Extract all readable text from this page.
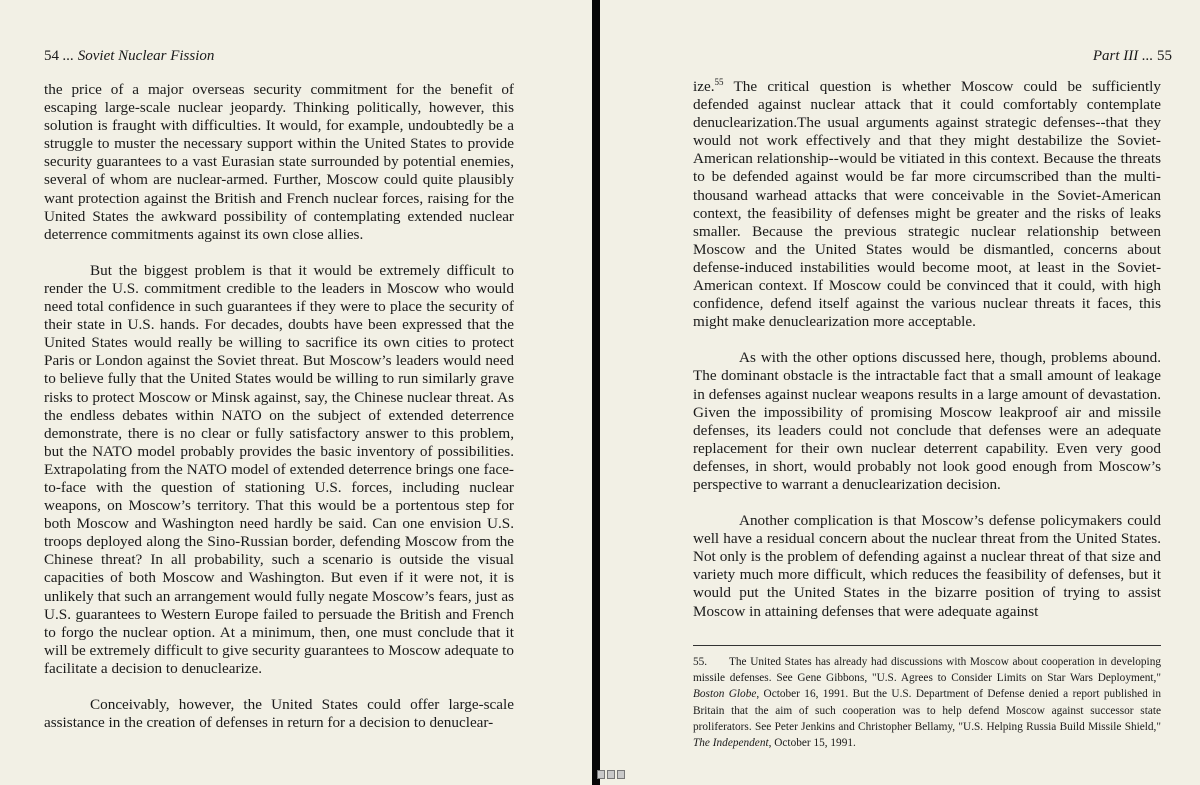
54 ... Soviet Nuclear Fission

the price of a major overseas security commitment for the benefit of escaping large-scale nuclear jeopardy. Thinking politically, however, this solution is fraught with difficulties. It would, for example, undoubtedly be a struggle to muster the necessary support within the United States to provide security guarantees to a vast Eurasian state surrounded by potential enemies, several of whom are nuclear-armed. Further, Moscow could quite plausibly want protection against the British and French nuclear forces, raising for the United States the awkward possibility of contemplating extended nuclear deterrence commitments against its own close allies.

But the biggest problem is that it would be extremely difficult to render the U.S. commitment credible to the leaders in Moscow who would need total confidence in such guarantees if they were to place the security of their state in U.S. hands. For decades, doubts have been expressed that the United States would really be willing to sacrifice its own cities to protect Paris or London against the Soviet threat. But Moscow’s leaders would need to believe fully that the United States would be willing to run similarly grave risks to protect Moscow or Minsk against, say, the Chinese nuclear threat. As the endless debates within NATO on the subject of extended deterrence demonstrate, there is no clear or fully satisfactory answer to this problem, but the NATO model probably provides the basic inventory of possibilities. Extrapolating from the NATO model of extended deterrence brings one face-to-face with the question of stationing U.S. forces, including nuclear weapons, on Moscow’s territory. That this would be a portentous step for both Moscow and Washington need hardly be said. Can one envision U.S. troops deployed along the Sino-Russian border, defending Moscow from the Chinese threat? In all probability, such a scenario is outside the visual capacities of both Moscow and Washington. But even if it were not, it is unlikely that such an arrangement would fully negate Moscow’s fears, just as U.S. guarantees to Western Europe failed to persuade the British and French to forgo the nuclear option. At a minimum, then, one must conclude that it will be extremely difficult to give security guarantees to Moscow adequate to facilitate a decision to denuclearize.

Conceivably, however, the United States could offer large-scale assistance in the creation of defenses in return for a decision to denuclear-

Part III ... 55

ize.$^{55}$ The critical question is whether Moscow could be sufficiently defended against nuclear attack that it could comfortably contemplate denuclearization.The usual arguments against strategic defenses--that they would not work effectively and that they might destabilize the Soviet-American relationship--would be vitiated in this context. Because the threats to be defended against would be far more circumscribed than the multi-thousand warhead attacks that were conceivable in the Soviet-American context, the feasibility of defenses might be greater and the risks of leaks smaller. Because the previous strategic nuclear relationship between Moscow and the United States would be dismantled, concerns about defense-induced instabilities would become moot, at least in the Soviet-American context. If Moscow could be convinced that it could, with high confidence, defend itself against the various nuclear threats it faces, this might make denuclearization more acceptable.

As with the other options discussed here, though, problems abound. The dominant obstacle is the intractable fact that a small amount of leakage in defenses against nuclear weapons results in a large amount of devastation. Given the impossibility of promising Moscow leakproof air and missile defenses, its leaders could not conclude that defenses were an adequate replacement for their own nuclear deterrent capability. Even very good defenses, in short, would probably not look good enough from Moscow’s perspective to warrant a denuclearization decision.

Another complication is that Moscow’s defense policymakers could well have a residual concern about the nuclear threat from the United States. Not only is the problem of defending against a nuclear threat of that size and variety much more difficult, which reduces the feasibility of defenses, but it would put the United States in the bizarre position of trying to assist Moscow in attaining defenses that were adequate against

55. The United States has already had discussions with Moscow about cooperation in developing missile defenses. See Gene Gibbons, "U.S. Agrees to Consider Limits on Star Wars Deployment," Boston Globe, October 16, 1991. But the U.S. Department of Defense denied a report published in Britain that the aim of such cooperation was to help defend Moscow against successor state proliferators. See Peter Jenkins and Christopher Bellamy, "U.S. Helping Russia Build Missile Shield," The Independent, October 15, 1991.
